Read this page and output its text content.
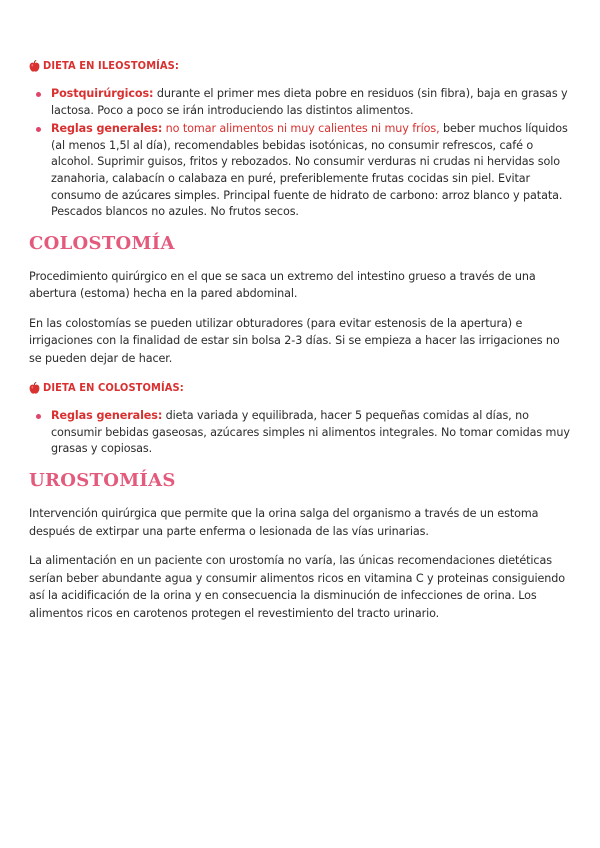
DIETA EN ILEOSTOMÍAS:
Postquirúrgicos: durante el primer mes dieta pobre en residuos (sin fibra), baja en grasas y lactosa. Poco a poco se irán introduciendo las distintos alimentos.
Reglas generales: no tomar alimentos ni muy calientes ni muy fríos, beber muchos líquidos (al menos 1,5l al día), recomendables bebidas isotónicas, no consumir refrescos, café o alcohol. Suprimir guisos, fritos y rebozados. No consumir verduras ni crudas ni hervidas solo zanahoria, calabacín o calabaza en puré, preferiblemente frutas cocidas sin piel. Evitar consumo de azúcares simples. Principal fuente de hidrato de carbono: arroz blanco y patata. Pescados blancos no azules. No frutos secos.
COLOSTOMÍA

Procedimiento quirúrgico en el que se saca un extremo del intestino grueso a través de una abertura (estoma) hecha en la pared abdominal.

En las colostomías se pueden utilizar obturadores (para evitar estenosis de la apertura) e irrigaciones con la finalidad de estar sin bolsa 2-3 días. Si se empieza a hacer las irrigaciones no se pueden dejar de hacer.

DIETA EN COLOSTOMÍAS:
Reglas generales: dieta variada y equilibrada, hacer 5 pequeñas comidas al días, no consumir bebidas gaseosas, azúcares simples ni alimentos integrales. No tomar comidas muy grasas y copiosas.
UROSTOMÍAS

Intervención quirúrgica que permite que la orina salga del organismo a través de un estoma después de extirpar una parte enferma o lesionada de las vías urinarias.

La alimentación en un paciente con urostomía no varía, las únicas recomendaciones dietéticas serían beber abundante agua y consumir alimentos ricos en vitamina C y proteinas consiguiendo así la acidificación de la orina y en consecuencia la disminución de infecciones de orina. Los alimentos ricos en carotenos protegen el revestimiento del tracto urinario.
